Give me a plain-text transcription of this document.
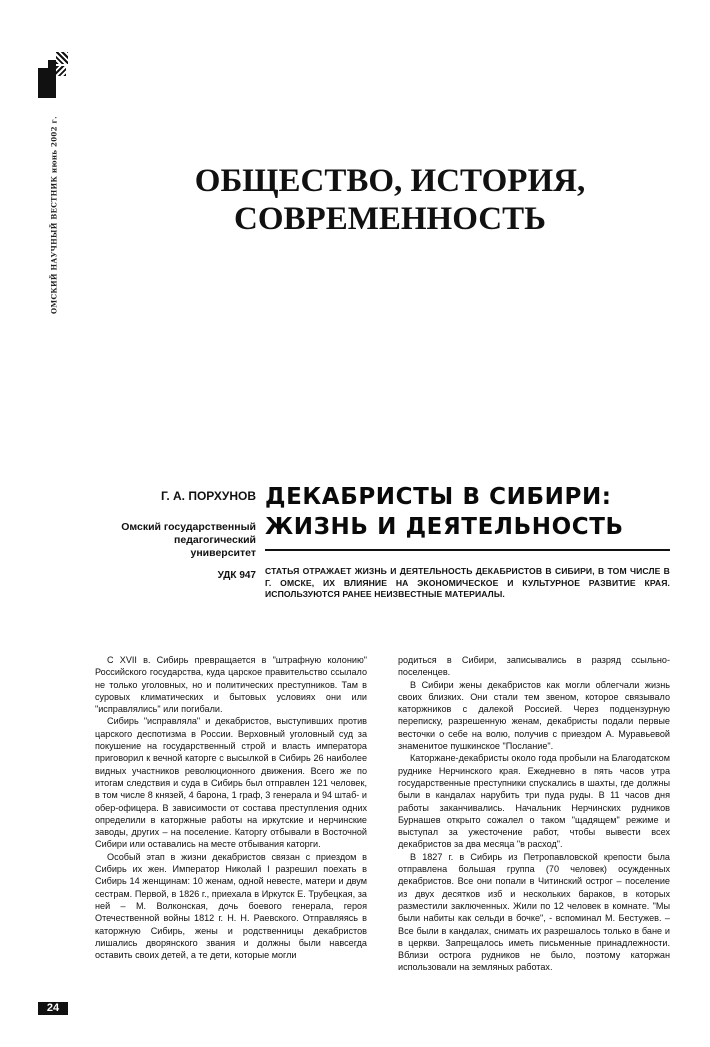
ОМСКИЙ НАУЧНЫЙ ВЕСТНИК июнь 2002 г.	ОБЩЕСТВО, ИСТОРИЯ,
СОВРЕМЕННОСТЬ
Г. А. ПОРХУНОВ
Омский государственный
педагогический
университет
УДК 947
ДЕКАБРИСТЫ В СИБИРИ:
ЖИЗНЬ И ДЕЯТЕЛЬНОСТЬ
СТАТЬЯ ОТРАЖАЕТ ЖИЗНЬ И ДЕЯТЕЛЬНОСТЬ ДЕКАБРИСТОВ В СИБИРИ, В ТОМ ЧИСЛЕ В Г. ОМСКЕ, ИХ ВЛИЯНИЕ НА ЭКОНОМИЧЕСКОЕ И КУЛЬТУРНОЕ РАЗВИТИЕ КРАЯ. ИСПОЛЬЗУЮТСЯ РАНЕЕ НЕИЗВЕСТНЫЕ МАТЕРИАЛЫ.

С XVII в. Сибирь превращается в "штрафную колонию" Российского государства, куда царское правительство ссылало не только уголовных, но и политических преступников. Там в суровых климатических и бытовых условиях они или "исправлялись" или погибали.

Сибирь "исправляла" и декабристов, выступивших против царского деспотизма в России. Верховный уголовный суд за покушение на государственный строй и власть императора приговорил к вечной каторге с высылкой в Сибирь 26 наиболее видных участников революционного движения. Всего же по итогам следствия и суда в Сибирь был отправлен 121 человек, в том числе 8 князей, 4 барона, 1 граф, 3 генерала и 94 штаб- и обер-офицера. В зависимости от состава преступления одних определили в каторжные работы на иркутские и нерчинские заводы, других – на поселение. Каторгу отбывали в Восточной Сибири или оставались на месте отбывания каторги.

Особый этап в жизни декабристов связан с приездом в Сибирь их жен. Император Николай I разрешил поехать в Сибирь 14 женщинам: 10 женам, одной невесте, матери и двум сестрам. Первой, в 1826 г., приехала в Иркутск Е. Трубецкая, за ней – М. Волконская, дочь боевого генерала, героя Отечественной войны 1812 г. Н. Н. Раевского. Отправляясь в каторжную Сибирь, жены и родственницы декабристов лишались дворянского звания и должны были навсегда оставить своих детей, а те дети, которые могли

родиться в Сибири, записывались в разряд ссыльно-поселенцев.

В Сибири жены декабристов как могли облегчали жизнь своих близких. Они стали тем звеном, которое связывало каторжников с далекой Россией. Через подцензурную переписку, разрешенную женам, декабристы подали первые весточки о себе на волю, получив с приездом А. Муравьевой знаменитое пушкинское "Послание".

Каторжане-декабристы около года пробыли на Благодатском руднике Нерчинского края. Ежедневно в пять часов утра государственные преступники спускались в шахты, где должны были в кандалах нарубить три пуда руды. В 11 часов дня работы заканчивались. Начальник Нерчинских рудников Бурнашев открыто сожалел о таком "щадящем" режиме и выступал за ужесточение работ, чтобы вывести всех декабристов за два месяца "в расход".

В 1827 г. в Сибирь из Петропавловской крепости была отправлена большая группа (70 человек) осужденных декабристов. Все они попали в Читинский острог – поселение из двух десятков изб и нескольких бараков, в которых разместили заключенных. Жили по 12 человек в комнате. "Мы были набиты как сельди в бочке", - вспоминал М. Бестужев. – Все были в кандалах, снимать их разрешалось только в бане и в церкви. Запрещалось иметь письменные принадлежности. Вблизи острога рудников не было, поэтому каторжан использовали на земляных работах.

24
